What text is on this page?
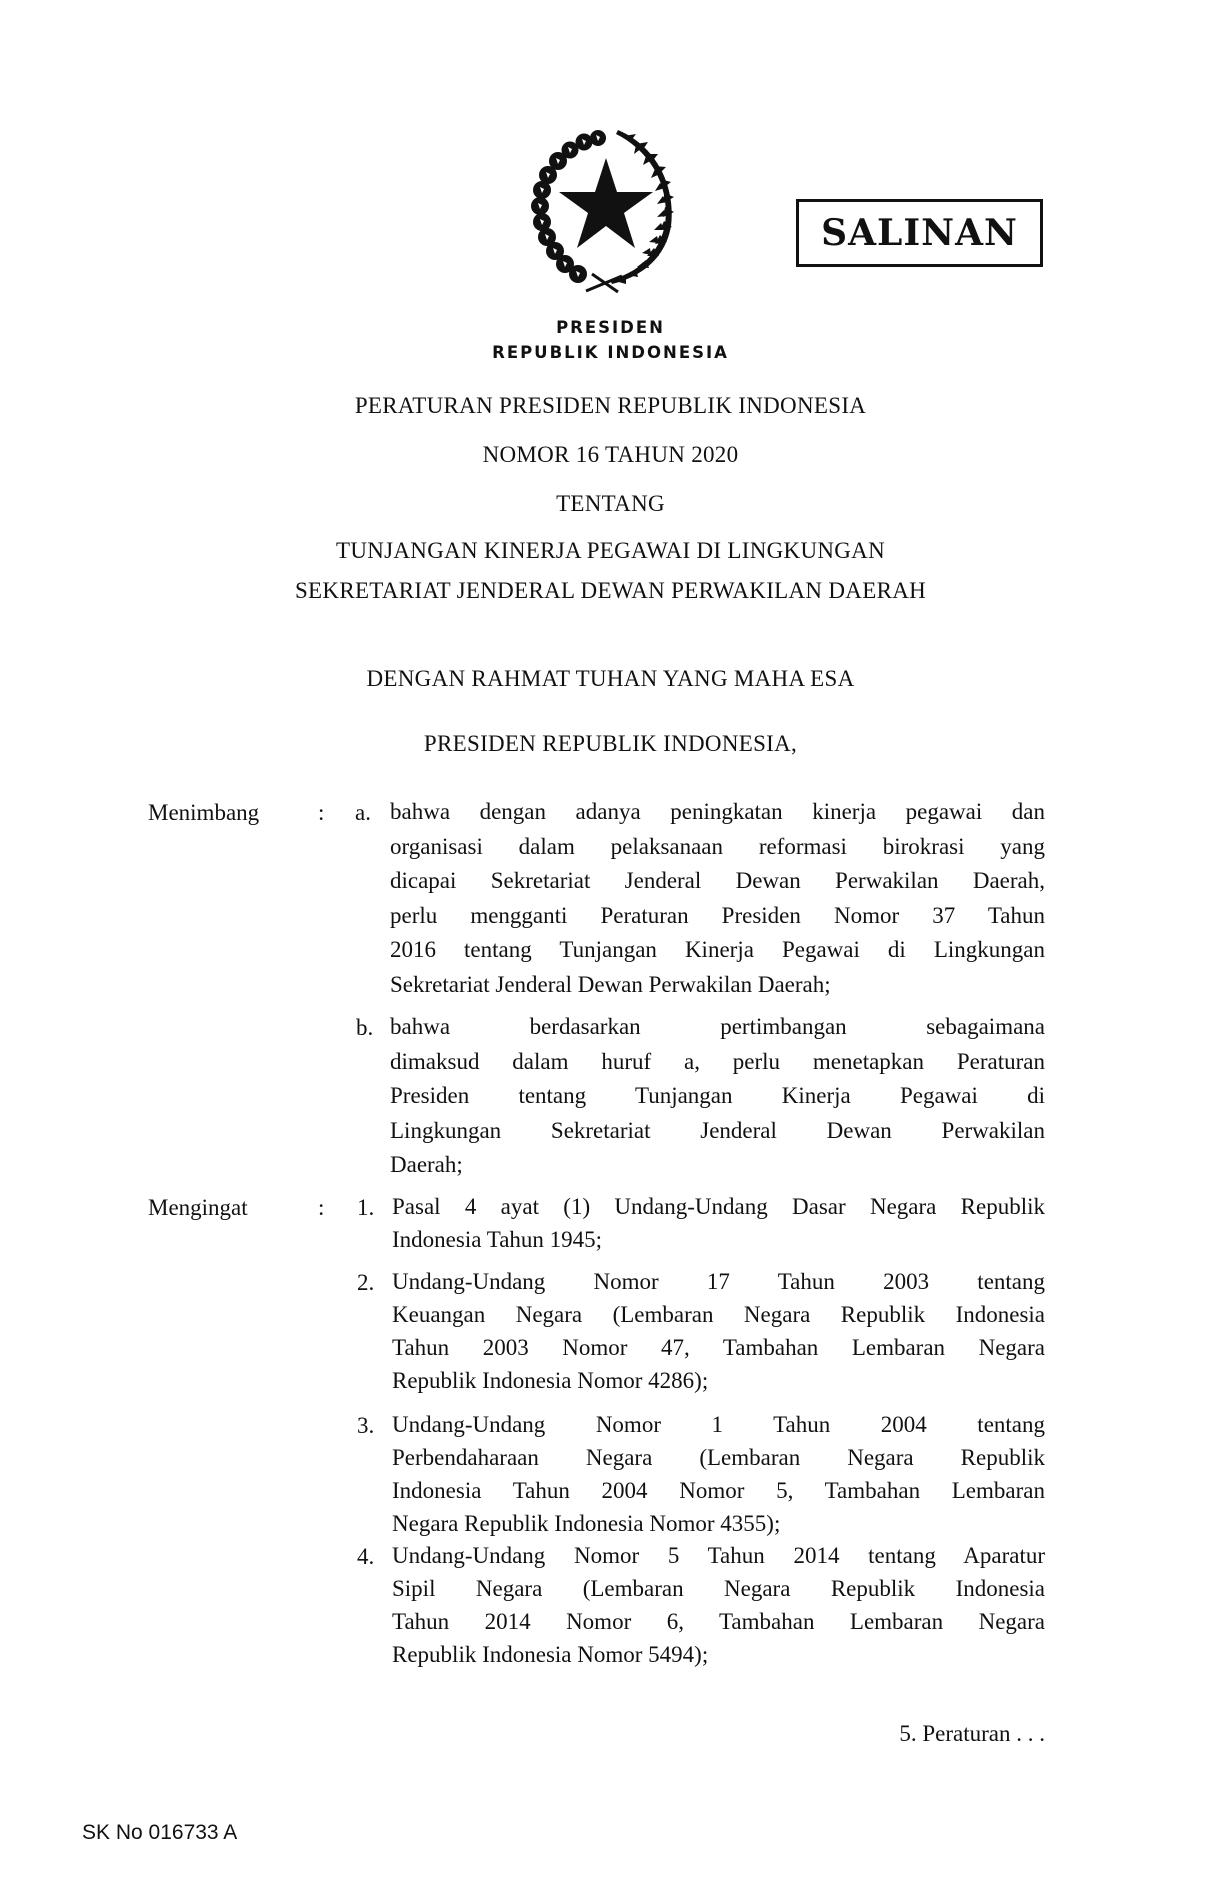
SALINAN
PRESIDEN
REPUBLIK INDONESIA
PERATURAN PRESIDEN REPUBLIK INDONESIA
NOMOR 16 TAHUN 2020
TENTANG
TUNJANGAN KINERJA PEGAWAI DI LINGKUNGAN
SEKRETARIAT JENDERAL DEWAN PERWAKILAN DAERAH
DENGAN RAHMAT TUHAN YANG MAHA ESA
PRESIDEN REPUBLIK INDONESIA,
Menimbang	: a. bahwa dengan adanya peningkatan kinerja pegawai dan
organisasi dalam pelaksanaan reformasi birokrasi yang
dicapai Sekretariat Jenderal Dewan Perwakilan Daerah,
perlu mengganti Peraturan Presiden Nomor 37 Tahun
2016 tentang Tunjangan Kinerja Pegawai di Lingkungan
Sekretariat Jenderal Dewan Perwakilan Daerah;
b. bahwa berdasarkan pertimbangan sebagaimana
dimaksud dalam huruf a, perlu menetapkan Peraturan
Presiden tentang Tunjangan Kinerja Pegawai di
Lingkungan Sekretariat Jenderal Dewan Perwakilan
Daerah;
Mengingat	: 1. Pasal 4 ayat (1) Undang-Undang Dasar Negara Republik
Indonesia Tahun 1945;
2. Undang-Undang Nomor 17 Tahun 2003 tentang
Keuangan Negara (Lembaran Negara Republik Indonesia
Tahun 2003 Nomor 47, Tambahan Lembaran Negara
Republik Indonesia Nomor 4286);
3. Undang-Undang Nomor 1 Tahun 2004 tentang
Perbendaharaan Negara (Lembaran Negara Republik
Indonesia Tahun 2004 Nomor 5, Tambahan Lembaran
Negara Republik Indonesia Nomor 4355);
4. Undang-Undang Nomor 5 Tahun 2014 tentang Aparatur
Sipil Negara (Lembaran Negara Republik Indonesia
Tahun 2014 Nomor 6, Tambahan Lembaran Negara
Republik Indonesia Nomor 5494);
5. Peraturan . . .
SK No 016733 A
